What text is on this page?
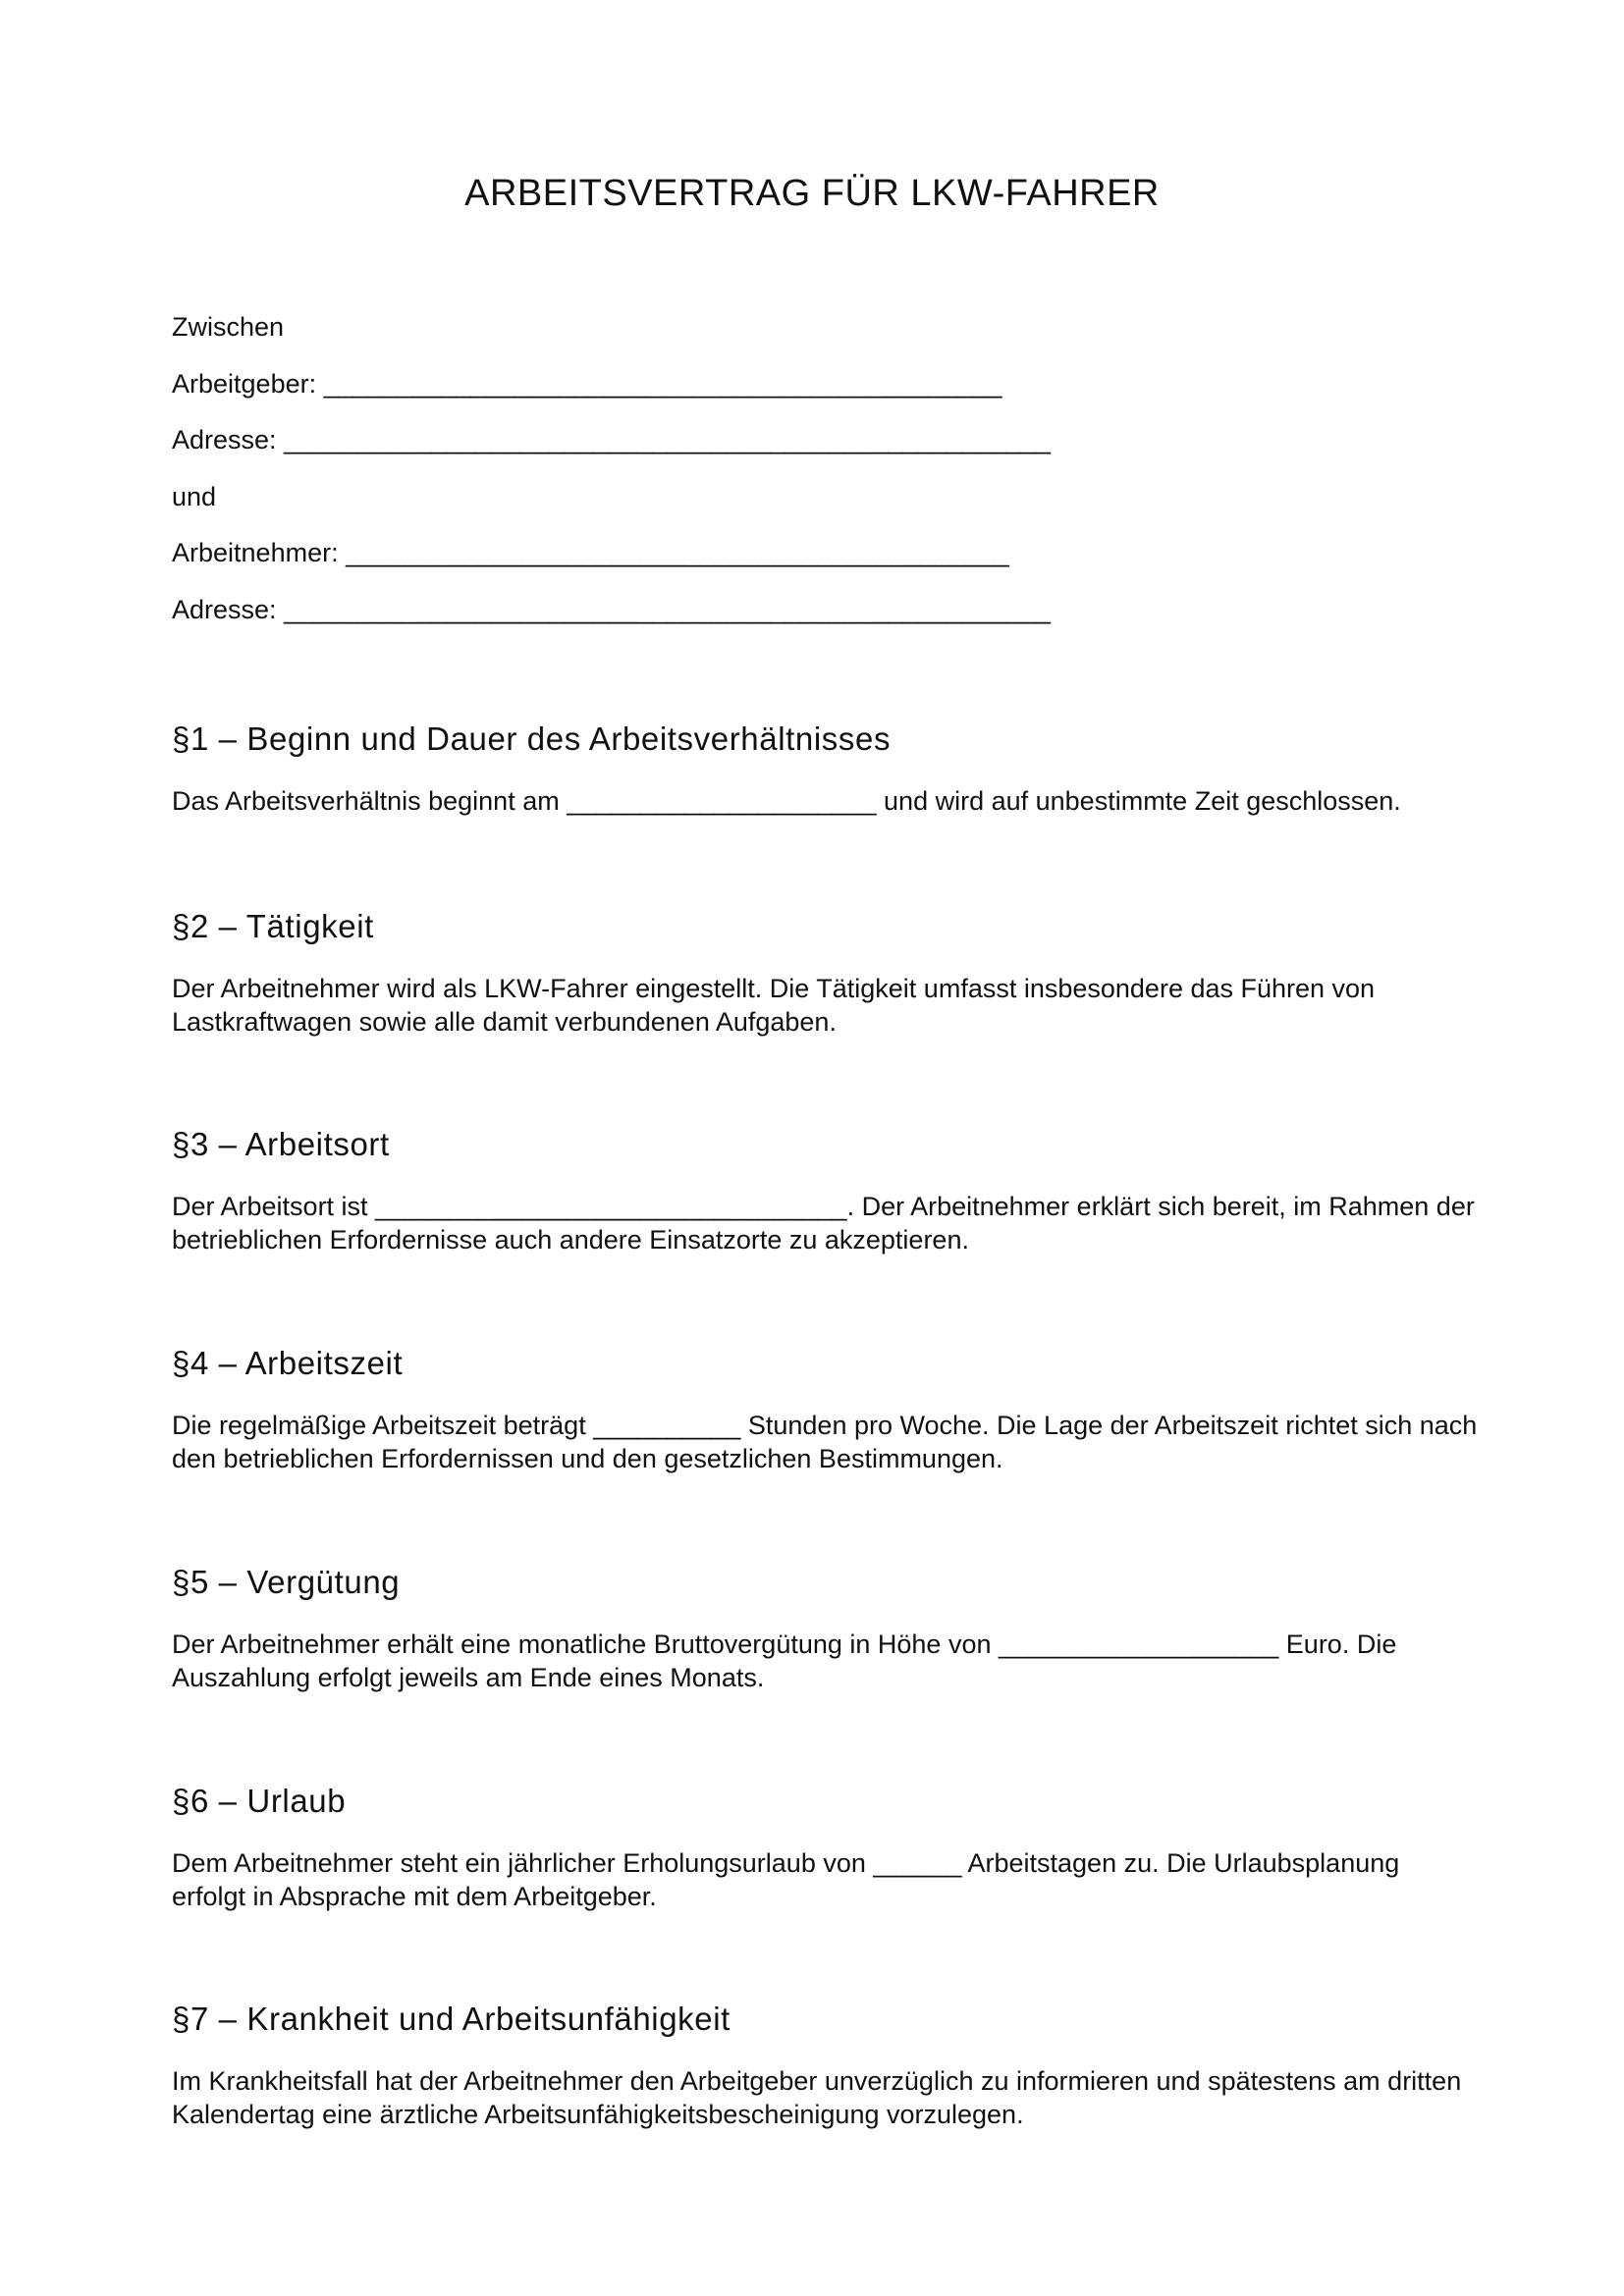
ARBEITSVERTRAG FÜR LKW-FAHRER
Zwischen
Arbeitgeber: ______________________________________________
Adresse: ____________________________________________________
und
Arbeitnehmer: _____________________________________________
Adresse: ____________________________________________________
§1 – Beginn und Dauer des Arbeitsverhältnisses
Das Arbeitsverhältnis beginnt am _____________________ und wird auf unbestimmte Zeit geschlossen.
§2 – Tätigkeit
Der Arbeitnehmer wird als LKW-Fahrer eingestellt. Die Tätigkeit umfasst insbesondere das Führen von Lastkraftwagen sowie alle damit verbundenen Aufgaben.
§3 – Arbeitsort
Der Arbeitsort ist ________________________________. Der Arbeitnehmer erklärt sich bereit, im Rahmen der betrieblichen Erfordernisse auch andere Einsatzorte zu akzeptieren.
§4 – Arbeitszeit
Die regelmäßige Arbeitszeit beträgt __________ Stunden pro Woche. Die Lage der Arbeitszeit richtet sich nach den betrieblichen Erfordernissen und den gesetzlichen Bestimmungen.
§5 – Vergütung
Der Arbeitnehmer erhält eine monatliche Bruttovergütung in Höhe von ___________________ Euro. Die Auszahlung erfolgt jeweils am Ende eines Monats.
§6 – Urlaub
Dem Arbeitnehmer steht ein jährlicher Erholungsurlaub von ______ Arbeitstagen zu. Die Urlaubsplanung erfolgt in Absprache mit dem Arbeitgeber.
§7 – Krankheit und Arbeitsunfähigkeit
Im Krankheitsfall hat der Arbeitnehmer den Arbeitgeber unverzüglich zu informieren und spätestens am dritten Kalendertag eine ärztliche Arbeitsunfähigkeitsbescheinigung vorzulegen.
